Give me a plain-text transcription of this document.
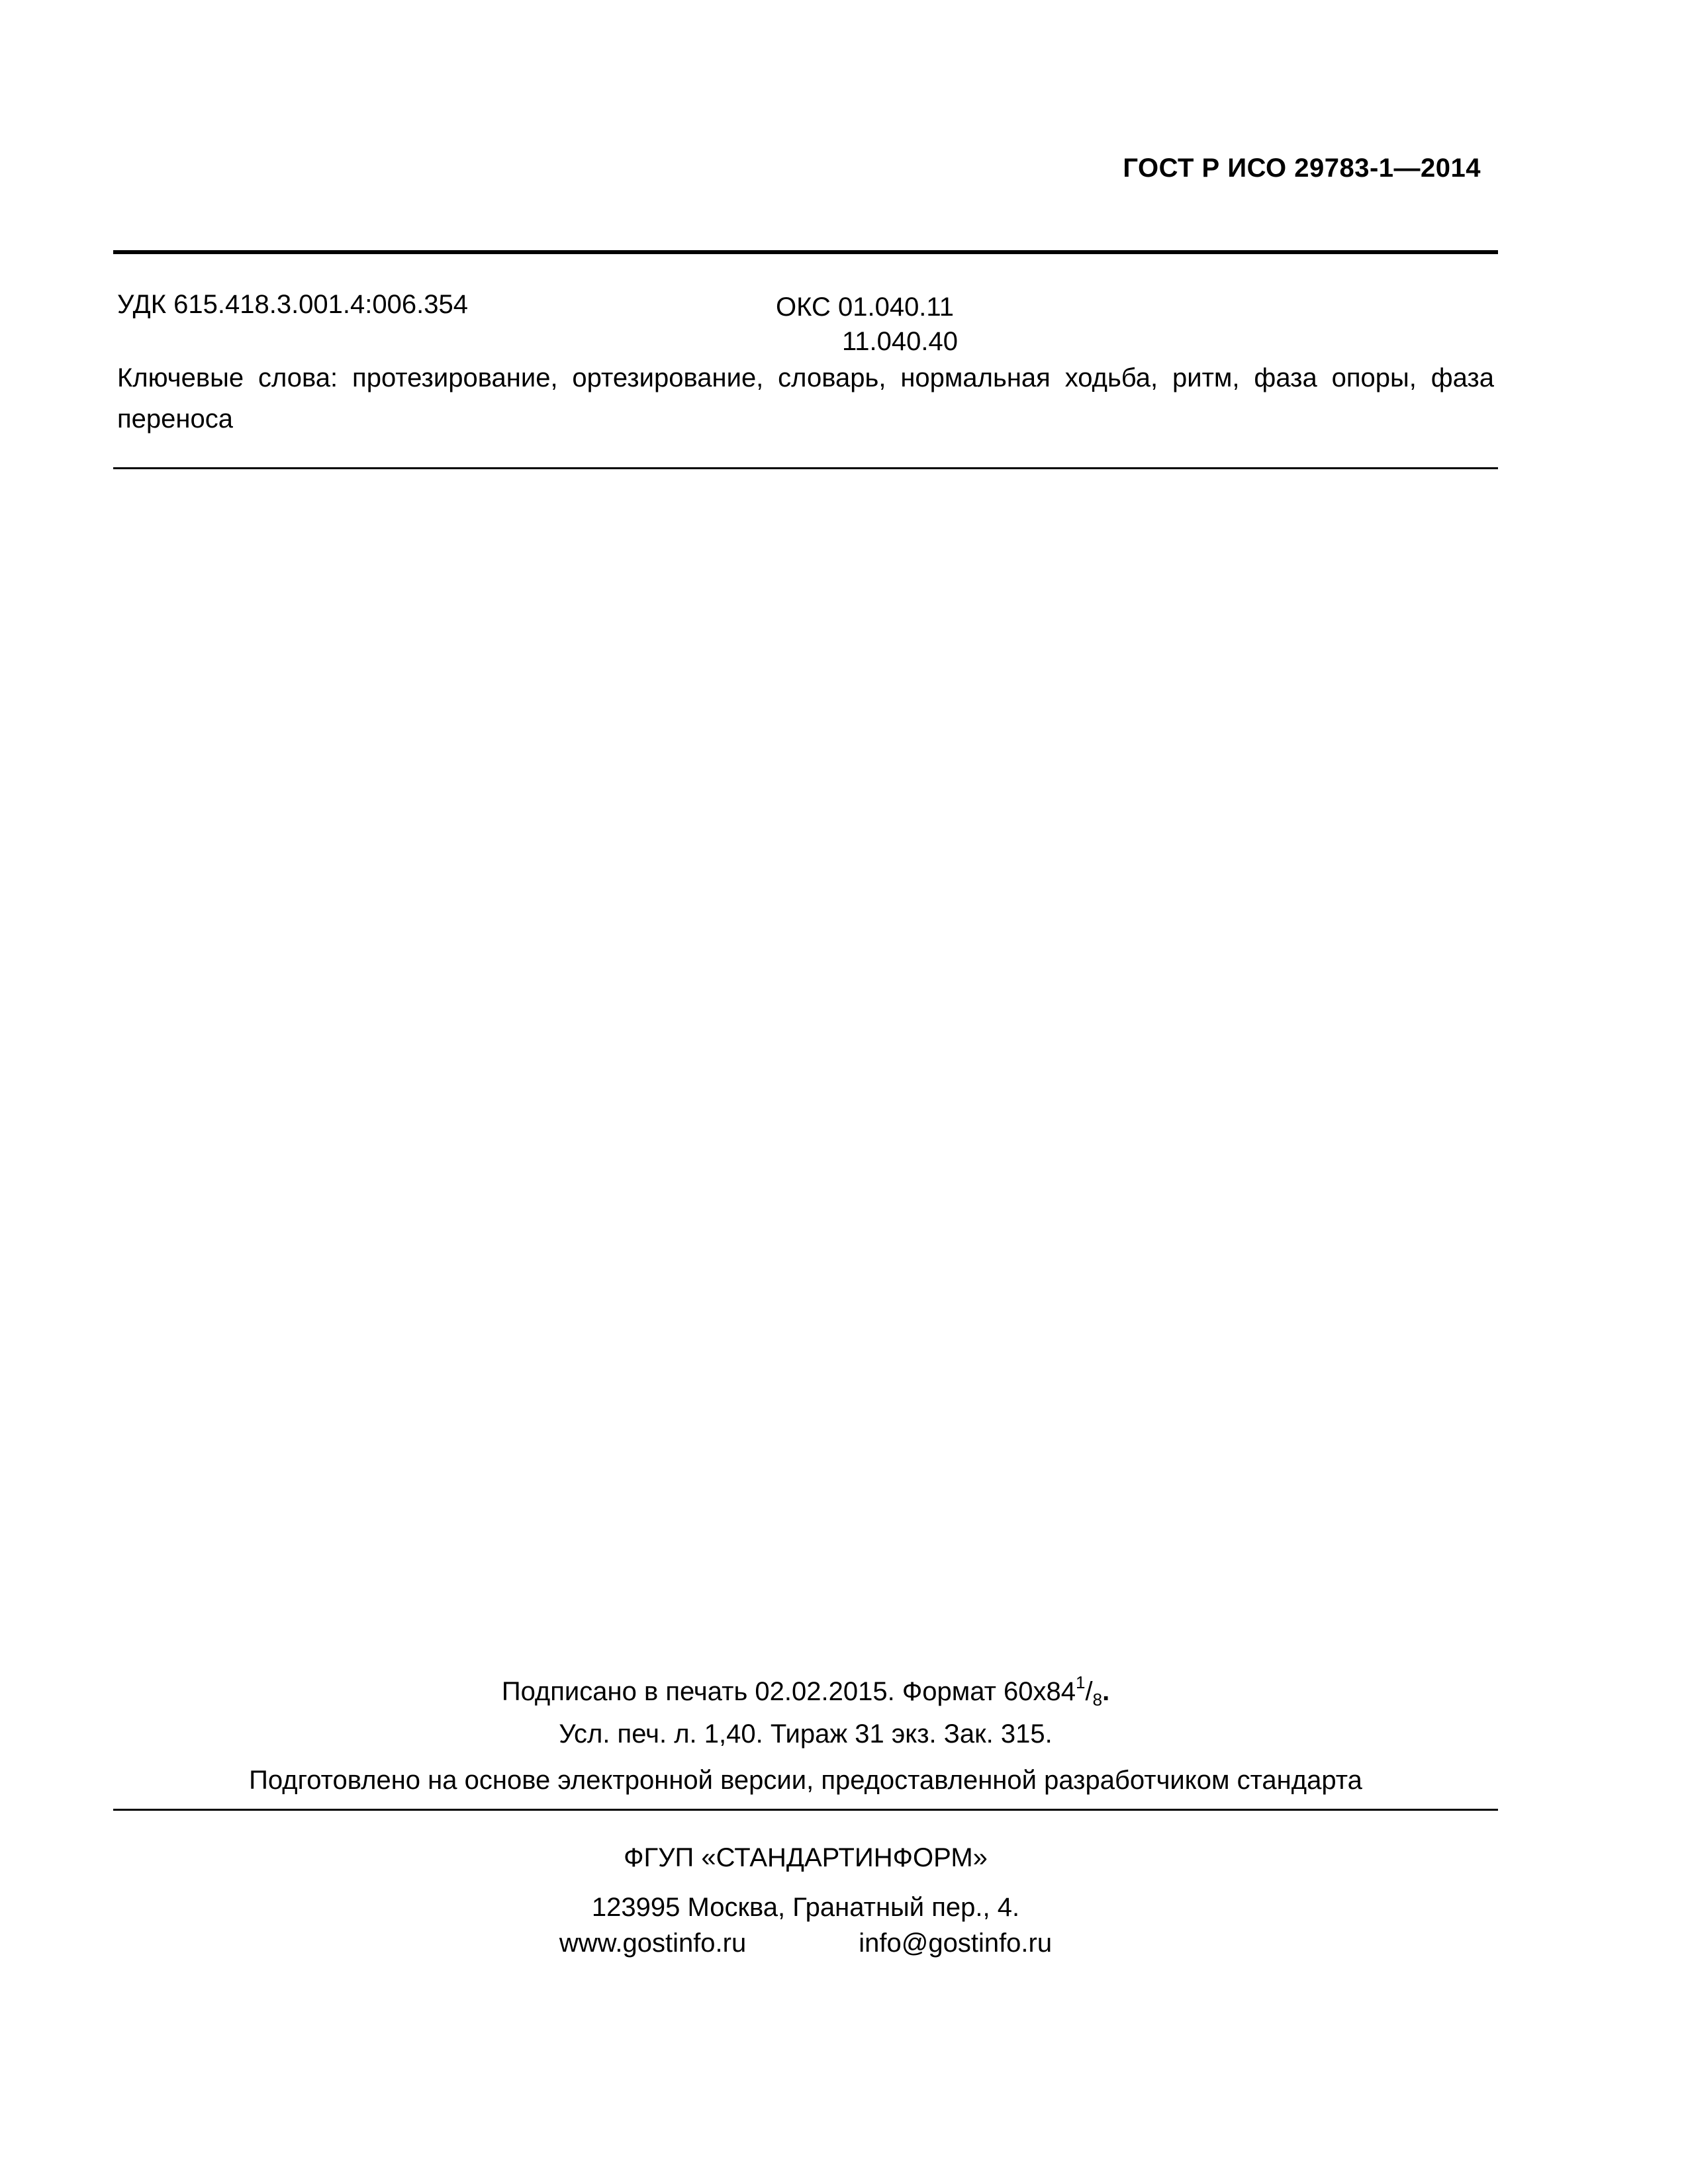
ГОСТ Р ИСО 29783-1—2014
УДК 615.418.3.001.4:006.354	ОКС 01.040.11
11.040.40
Ключевые слова: протезирование, ортезирование, словарь, нормальная ходьба, ритм, фаза опоры, фаза переноса
Подписано в печать 02.02.2015. Формат $60x84^1/_8$.
Усл. печ. л. 1,40. Тираж 31 экз. Зак. 315.
Подготовлено на основе электронной версии, предоставленной разработчиком стандарта
ФГУП «СТАНДАРТИНФОРМ»
123995 Москва, Гранатный пер., 4.
www.gostinfo.ru	info@gostinfo.ru
